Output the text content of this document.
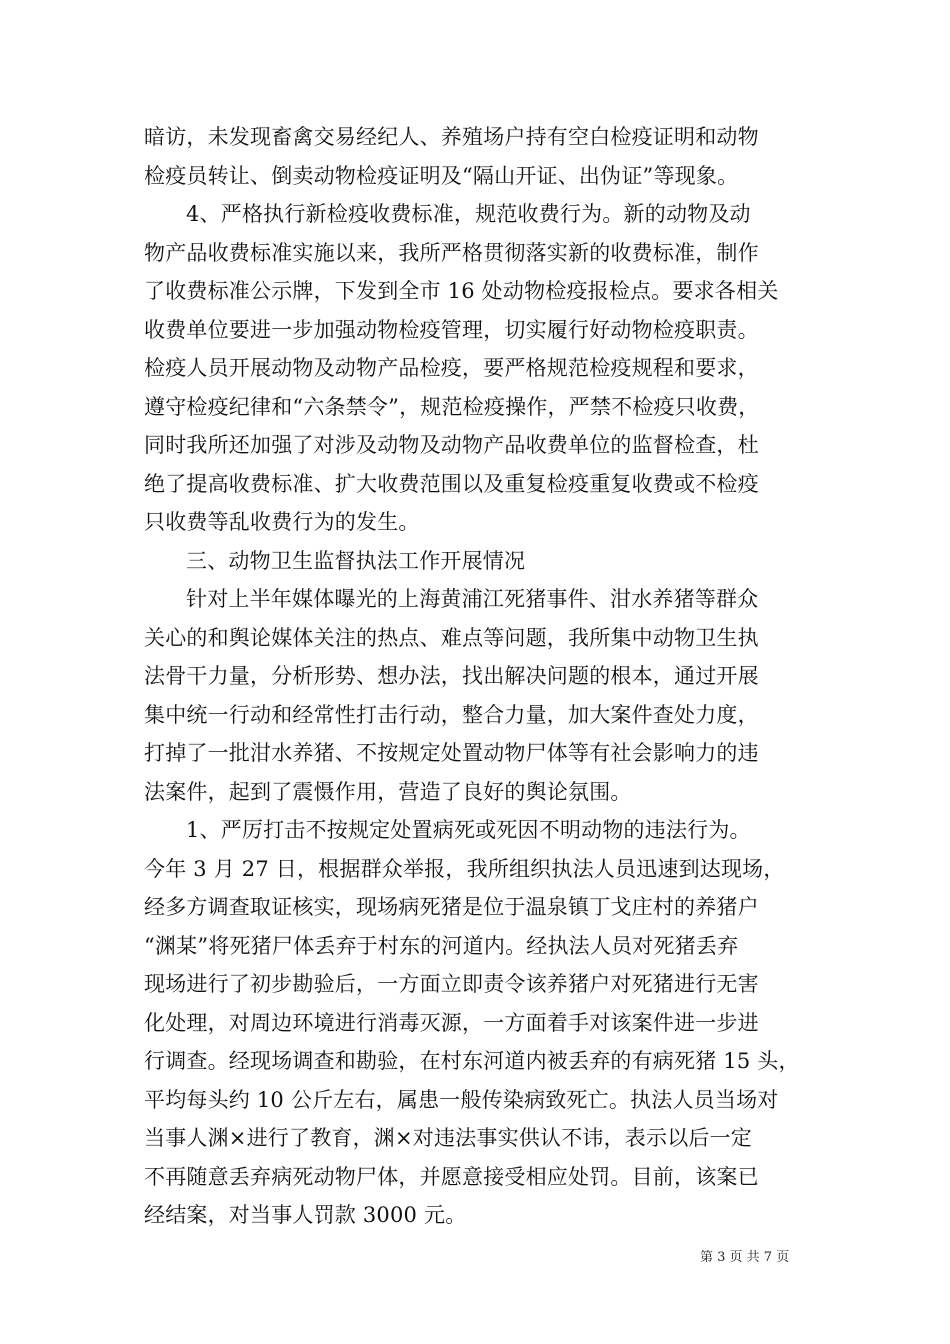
暗访，未发现畜禽交易经纪人、养殖场户持有空白检疫证明和动物
检疫员转让、倒卖动物检疫证明及“隔山开证、出伪证”等现象。
4、严格执行新检疫收费标准，规范收费行为。新的动物及动
物产品收费标准实施以来，我所严格贯彻落实新的收费标准，制作
了收费标准公示牌，下发到全市 16 处动物检疫报检点。要求各相关
收费单位要进一步加强动物检疫管理，切实履行好动物检疫职责。
检疫人员开展动物及动物产品检疫，要严格规范检疫规程和要求，
遵守检疫纪律和“六条禁令”，规范检疫操作，严禁不检疫只收费，
同时我所还加强了对涉及动物及动物产品收费单位的监督检查，杜
绝了提高收费标准、扩大收费范围以及重复检疫重复收费或不检疫
只收费等乱收费行为的发生。
三、动物卫生监督执法工作开展情况
针对上半年媒体曝光的上海黄浦江死猪事件、泔水养猪等群众
关心的和舆论媒体关注的热点、难点等问题，我所集中动物卫生执
法骨干力量，分析形势、想办法，找出解决问题的根本，通过开展
集中统一行动和经常性打击行动，整合力量，加大案件查处力度，
打掉了一批泔水养猪、不按规定处置动物尸体等有社会影响力的违
法案件，起到了震慑作用，营造了良好的舆论氛围。
1、严厉打击不按规定处置病死或死因不明动物的违法行为。
今年 3 月 27 日，根据群众举报，我所组织执法人员迅速到达现场，
经多方调查取证核实，现场病死猪是位于温泉镇丁戈庄村的养猪户
“渊某”将死猪尸体丢弃于村东的河道内。经执法人员对死猪丢弃
现场进行了初步勘验后，一方面立即责令该养猪户对死猪进行无害
化处理，对周边环境进行消毒灭源，一方面着手对该案件进一步进
行调查。经现场调查和勘验，在村东河道内被丢弃的有病死猪 15 头，
平均每头约 10 公斤左右，属患一般传染病致死亡。执法人员当场对
当事人渊×进行了教育，渊×对违法事实供认不讳，表示以后一定
不再随意丢弃病死动物尸体，并愿意接受相应处罚。目前，该案已
经结案，对当事人罚款 3000 元。
第 3 页 共 7 页
